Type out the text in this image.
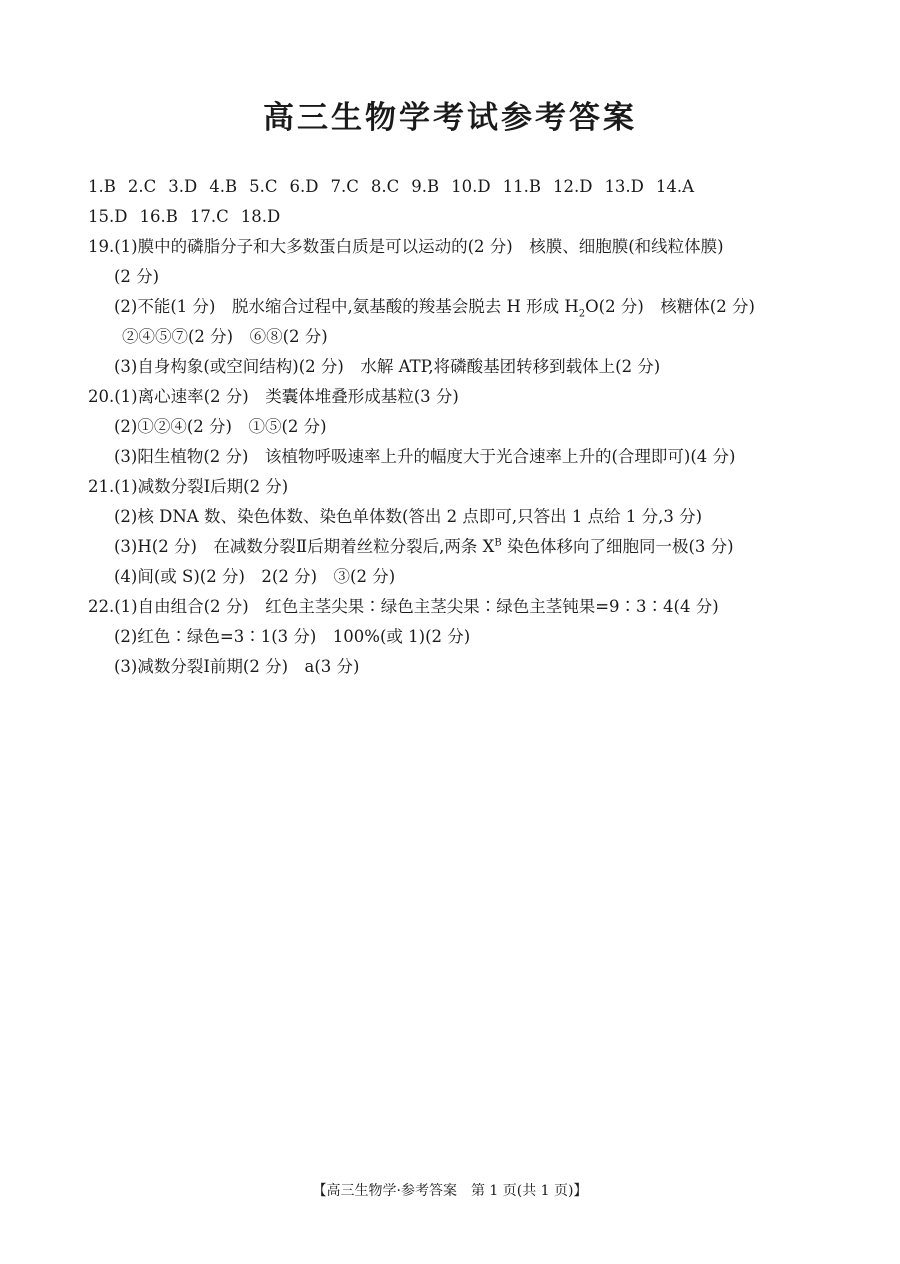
高三生物学考试参考答案
1.B 2.C 3.D 4.B 5.C 6.D 7.C 8.C 9.B 10.D 11.B 12.D 13.D 14.A
15.D 16.B 17.C 18.D
19.(1)膜中的磷脂分子和大多数蛋白质是可以运动的(2 分)　核膜、细胞膜(和线粒体膜)
(2 分)
(2)不能(1 分)　脱水缩合过程中,氨基酸的羧基会脱去 H 形成 $H_2O(2$ 分)　核糖体(2 分)
②④⑤⑦(2 分)　⑥⑧(2 分)
(3)自身构象(或空间结构)(2 分)　水解 ATP,将磷酸基团转移到载体上(2 分)
20.(1)离心速率(2 分)　类囊体堆叠形成基粒(3 分)
(2)①②④(2 分)　①⑤(2 分)
(3)阳生植物(2 分)　该植物呼吸速率上升的幅度大于光合速率上升的(合理即可)(4 分)
21.(1)减数分裂Ⅰ后期(2 分)
(2)核 DNA 数、染色体数、染色单体数(答出 2 点即可,只答出 1 点给 1 分,3 分)
(3)H(2 分)　在减数分裂Ⅱ后期着丝粒分裂后,两条 $X^B$ 染色体移向了细胞同一极(3 分)
(4)间(或 S)(2 分)　2(2 分)　③(2 分)
22.(1)自由组合(2 分)　红色主茎尖果∶绿色主茎尖果∶绿色主茎钝果=9∶3∶4(4 分)
(2)红色∶绿色=3∶1(3 分)　100%(或 1)(2 分)
(3)减数分裂Ⅰ前期(2 分)　a(3 分)
【高三生物学·参考答案　第 1 页(共 1 页)】
